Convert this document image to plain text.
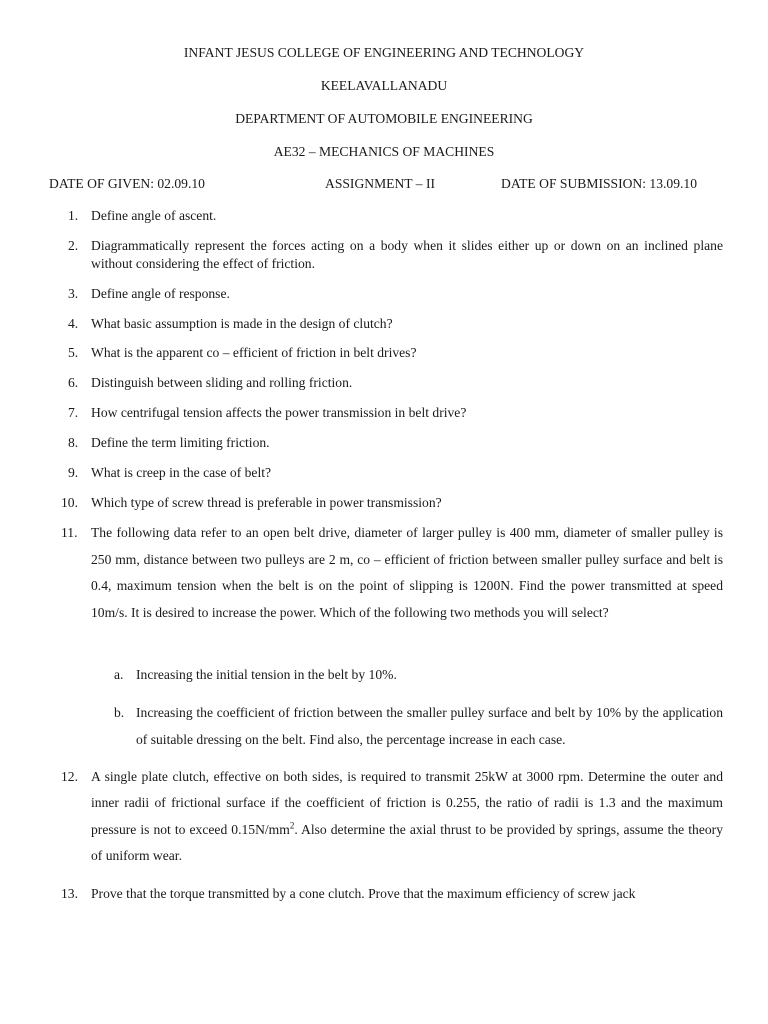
INFANT JESUS COLLEGE OF ENGINEERING AND TECHNOLOGY
KEELAVALLANADU
DEPARTMENT OF AUTOMOBILE ENGINEERING
AE32 – MECHANICS OF MACHINES
DATE OF GIVEN: 02.09.10	ASSIGNMENT – II	DATE OF SUBMISSION: 13.09.10
1. Define angle of ascent.
2. Diagrammatically represent the forces acting on a body when it slides either up or down on an inclined plane without considering the effect of friction.
3. Define angle of response.
4. What basic assumption is made in the design of clutch?
5. What is the apparent co – efficient of friction in belt drives?
6. Distinguish between sliding and rolling friction.
7. How centrifugal tension affects the power transmission in belt drive?
8. Define the term limiting friction.
9. What is creep in the case of belt?
10. Which type of screw thread is preferable in power transmission?
11. The following data refer to an open belt drive, diameter of larger pulley is 400 mm, diameter of smaller pulley is 250 mm, distance between two pulleys are 2 m, co – efficient of friction between smaller pulley surface and belt is 0.4, maximum tension when the belt is on the point of slipping is 1200N. Find the power transmitted at speed 10m/s. It is desired to increase the power. Which of the following two methods you will select?
a. Increasing the initial tension in the belt by 10%.
b. Increasing the coefficient of friction between the smaller pulley surface and belt by 10% by the application of suitable dressing on the belt. Find also, the percentage increase in each case.
12. A single plate clutch, effective on both sides, is required to transmit 25kW at 3000 rpm. Determine the outer and inner radii of frictional surface if the coefficient of friction is 0.255, the ratio of radii is 1.3 and the maximum pressure is not to exceed $0.15N/mm^2$. Also determine the axial thrust to be provided by springs, assume the theory of uniform wear.
13. Prove that the torque transmitted by a cone clutch. Prove that the maximum efficiency of screw jack
